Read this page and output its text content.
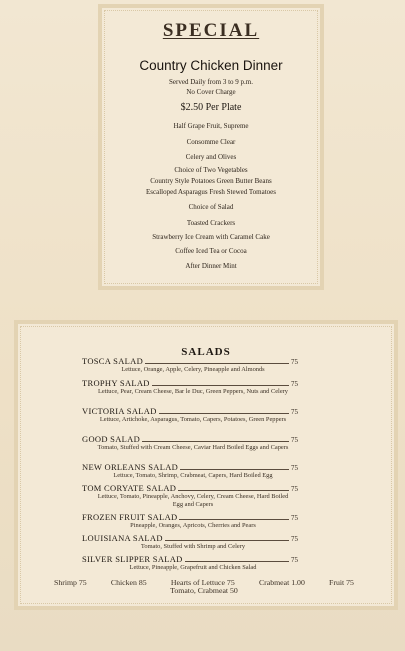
SPECIAL
Country Chicken Dinner
Served Daily from 3 to 9 p.m.
No Cover Charge
$2.50 Per Plate
Half Grape Fruit, Supreme
Consomme Clear
Celery and Olives
Choice of Two Vegetables
Country Style Potatoes Green Butter Beans
Escalloped Asparagus Fresh Stewed Tomatoes
Choice of Salad
Toasted Crackers
Strawberry Ice Cream with Caramel Cake
Coffee Iced Tea or Cocoa
After Dinner Mint
SALADS
TOSCA SALAD	75
Lettuce, Orange, Apple, Celery, Pineapple and Almonds
TROPHY SALAD	75
Lettuce, Pear, Cream Cheese, Bar le Duc, Green Peppers, Nuts and Celery
VICTORIA SALAD	75
Lettuce, Artichoke, Asparagus, Tomato, Capers, Potatoes, Green Peppers
GOOD SALAD	75
Tomato, Stuffed with Cream Cheese, Caviar Hard Boiled Eggs and Capers
NEW ORLEANS SALAD	75
Lettuce, Tomato, Shrimp, Crabmeat, Capers, Hard Boiled Egg
TOM CORYATE SALAD	75
Lettuce, Tomato, Pineapple, Anchovy, Celery, Cream Cheese, Hard Boiled Egg and Capers
FROZEN FRUIT SALAD	75
Pineapple, Oranges, Apricots, Cherries and Pears
LOUISIANA SALAD	75
Tomato, Stuffed with Shrimp and Celery
SILVER SLIPPER SALAD	75
Lettuce, Pineapple, Grapefruit and Chicken Salad
Shrimp 75	Chicken 85	Hearts of Lettuce 75	Crabmeat 1.00	Fruit 75
Tomato, Crabmeat 50
